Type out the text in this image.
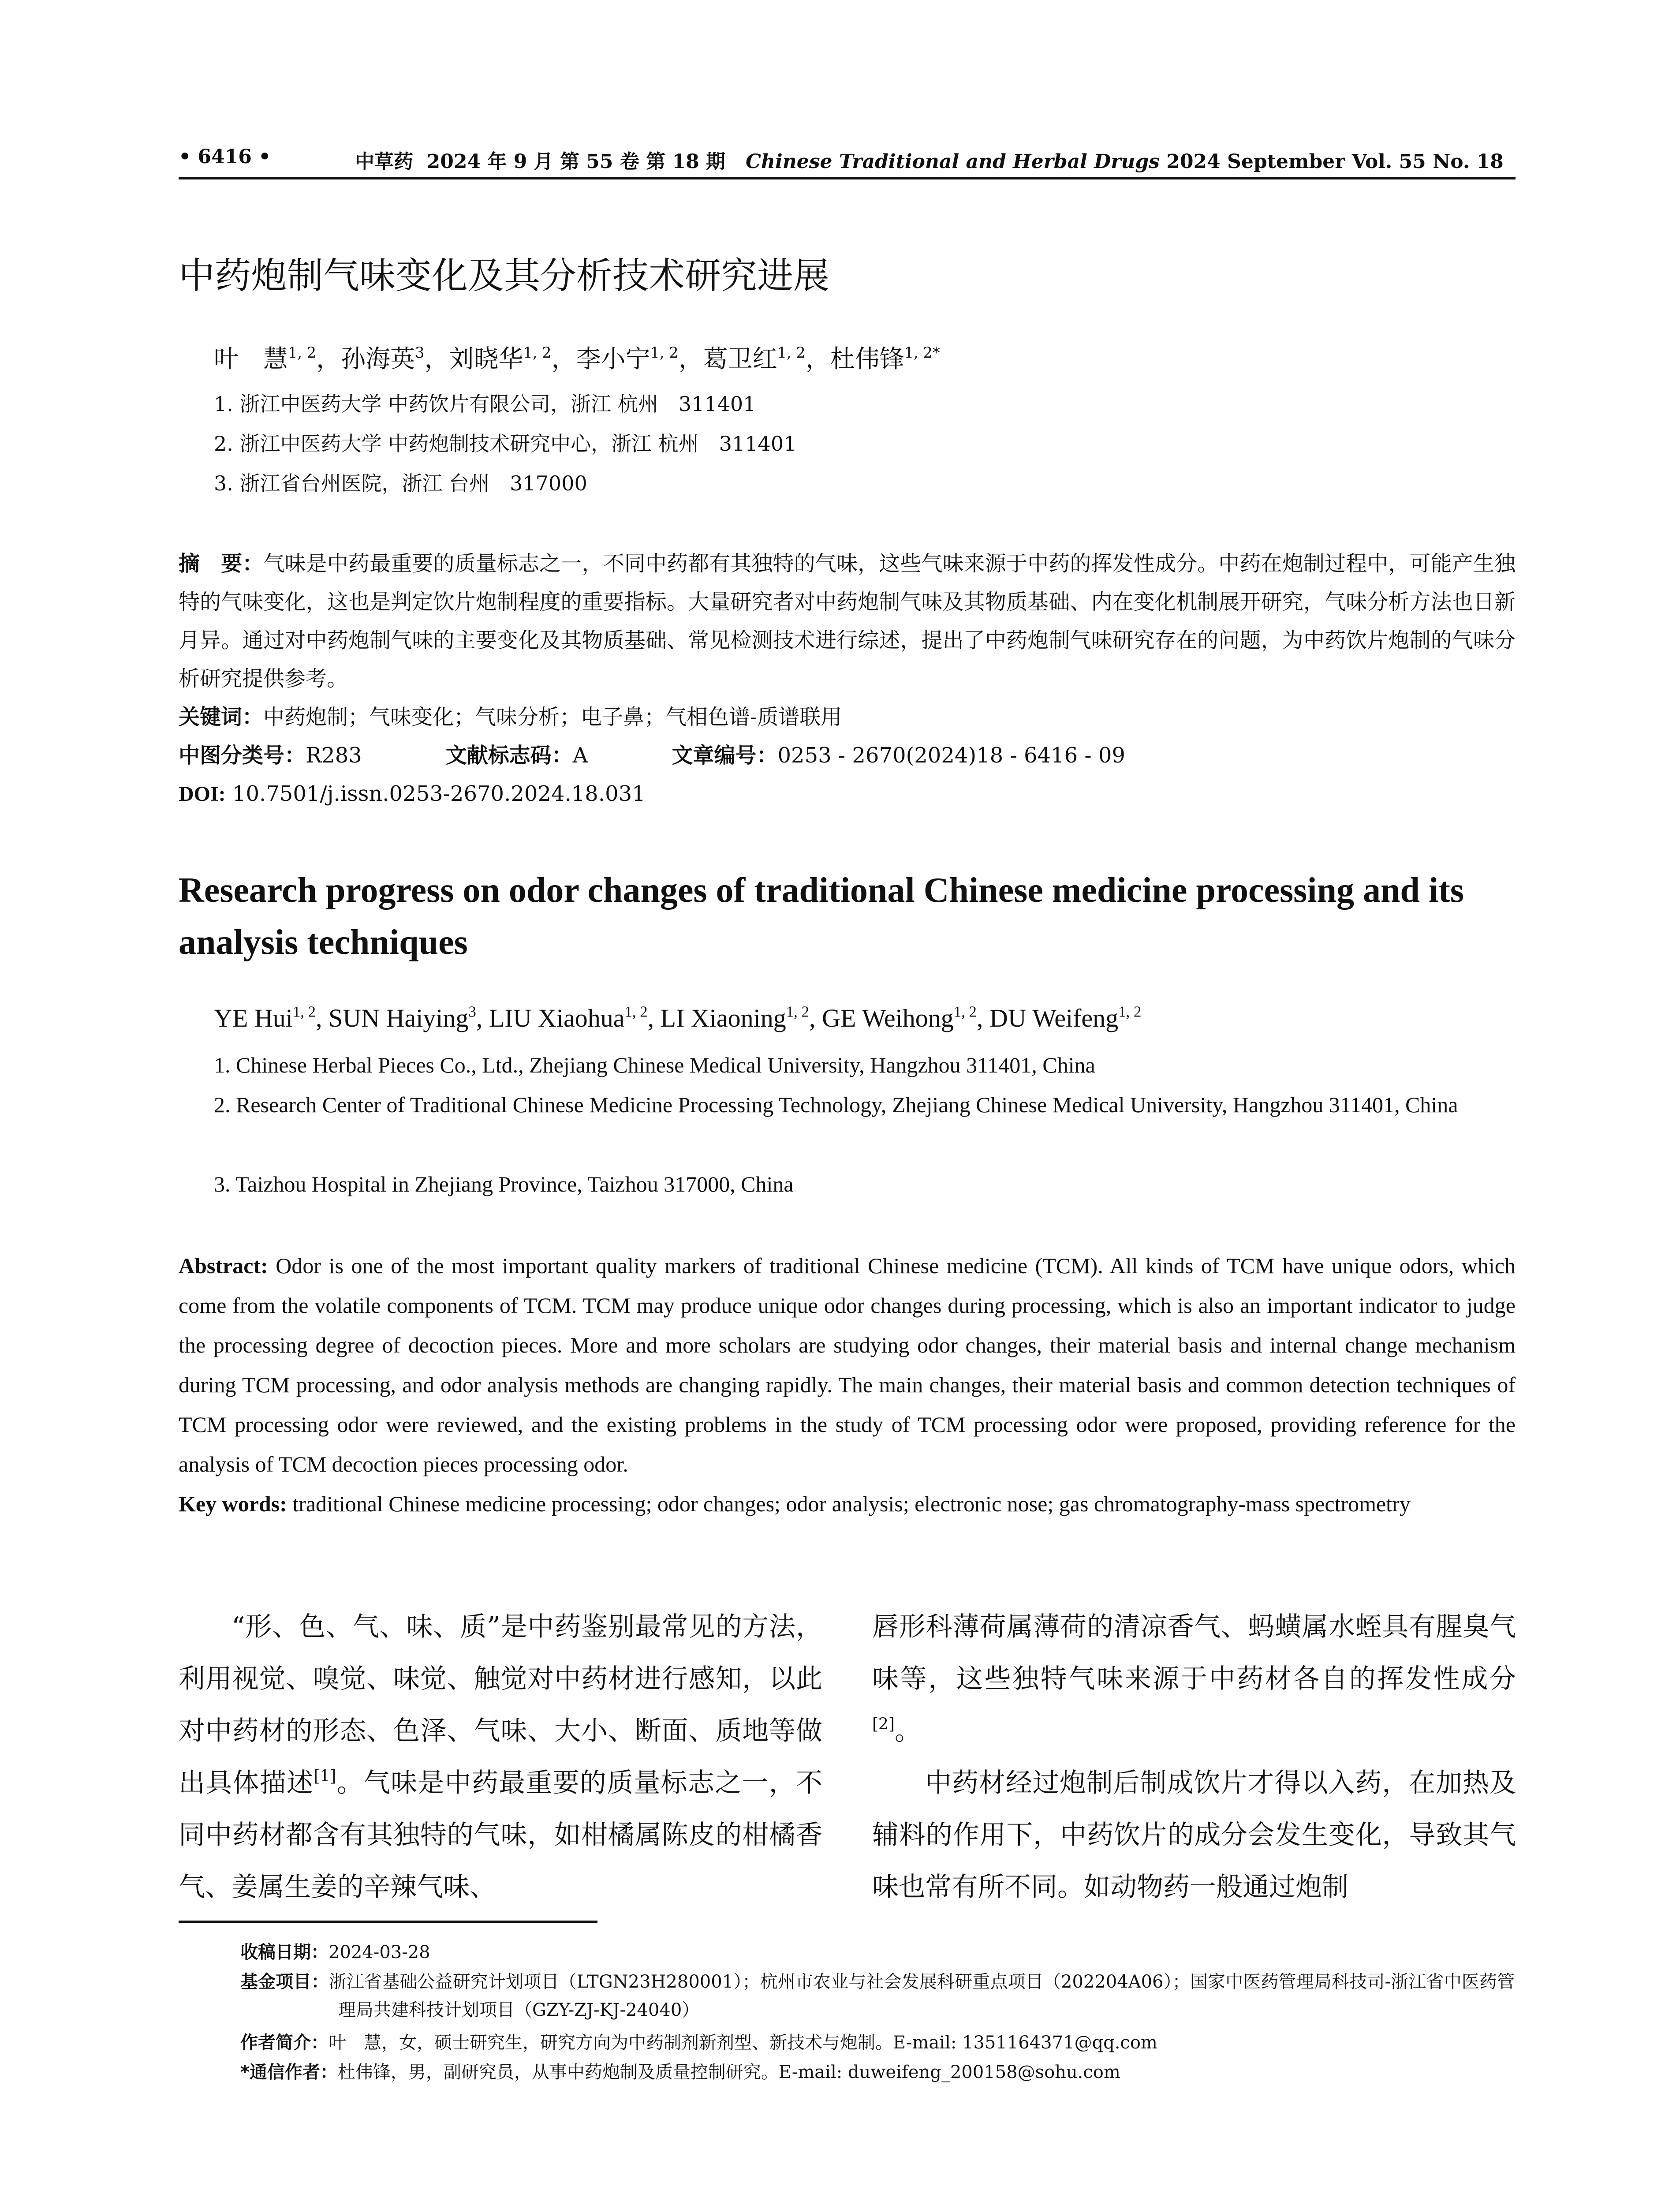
• 6416 •	中草药 2024 年 9 月 第 55 卷 第 18 期 Chinese Traditional and Herbal Drugs 2024 September Vol. 55 No. 18
中药炮制气味变化及其分析技术研究进展
叶　慧$^{1, 2}$，孙海英$^3$，刘晓华$^{1, 2}$，李小宁$^{1, 2}$，葛卫红$^{1, 2}$，杜伟锋$^{1, 2*}$
1. 浙江中医药大学 中药饮片有限公司，浙江 杭州　311401
2. 浙江中医药大学 中药炮制技术研究中心，浙江 杭州　311401
3. 浙江省台州医院，浙江 台州　317000
摘　要：气味是中药最重要的质量标志之一，不同中药都有其独特的气味，这些气味来源于中药的挥发性成分。中药在炮制过程中，可能产生独特的气味变化，这也是判定饮片炮制程度的重要指标。大量研究者对中药炮制气味及其物质基础、内在变化机制展开研究，气味分析方法也日新月异。通过对中药炮制气味的主要变化及其物质基础、常见检测技术进行综述，提出了中药炮制气味研究存在的问题，为中药饮片炮制的气味分析研究提供参考。
关键词：中药炮制；气味变化；气味分析；电子鼻；气相色谱-质谱联用
中图分类号：R283	文献标志码：A	文章编号：0253 - 2670(2024)18 - 6416 - 09
DOI: 10.7501/j.issn.0253-2670.2024.18.031
Research progress on odor changes of traditional Chinese medicine processing and its analysis techniques
YE Hui$^{1, 2}$, SUN Haiying$^3$, LIU Xiaohua$^{1, 2}$, LI Xiaoning$^{1, 2}$, GE Weihong$^{1, 2}$, DU Weifeng$^{1, 2}$
1. Chinese Herbal Pieces Co., Ltd., Zhejiang Chinese Medical University, Hangzhou 311401, China
2. Research Center of Traditional Chinese Medicine Processing Technology, Zhejiang Chinese Medical University, Hangzhou 311401, China
3. Taizhou Hospital in Zhejiang Province, Taizhou 317000, China
Abstract: Odor is one of the most important quality markers of traditional Chinese medicine (TCM). All kinds of TCM have unique odors, which come from the volatile components of TCM. TCM may produce unique odor changes during processing, which is also an important indicator to judge the processing degree of decoction pieces. More and more scholars are studying odor changes, their material basis and internal change mechanism during TCM processing, and odor analysis methods are changing rapidly. The main changes, their material basis and common detection techniques of TCM processing odor were reviewed, and the existing problems in the study of TCM processing odor were proposed, providing reference for the analysis of TCM decoction pieces processing odor.
Key words: traditional Chinese medicine processing; odor changes; odor analysis; electronic nose; gas chromatography-mass spectrometry

“形、色、气、味、质”是中药鉴别最常见的方法，利用视觉、嗅觉、味觉、触觉对中药材进行感知，以此对中药材的形态、色泽、气味、大小、断面、质地等做出具体描述[1]。气味是中药最重要的质量标志之一，不同中药材都含有其独特的气味，如柑橘属陈皮的柑橘香气、姜属生姜的辛辣气味、

唇形科薄荷属薄荷的清凉香气、蚂蟥属水蛭具有腥臭气味等，这些独特气味来源于中药材各自的挥发性成分[2]。

中药材经过炮制后制成饮片才得以入药，在加热及辅料的作用下，中药饮片的成分会发生变化，导致其气味也常有所不同。如动物药一般通过炮制

收稿日期：2024-03-28
基金项目：浙江省基础公益研究计划项目（LTGN23H280001）；杭州市农业与社会发展科研重点项目（202204A06）；国家中医药管理局科技司-浙江省中医药管理局共建科技计划项目（GZY-ZJ-KJ-24040）
作者简介：叶　慧，女，硕士研究生，研究方向为中药制剂新剂型、新技术与炮制。E-mail: 1351164371@qq.com
*通信作者：杜伟锋，男，副研究员，从事中药炮制及质量控制研究。E-mail: duweifeng_200158@sohu.com
